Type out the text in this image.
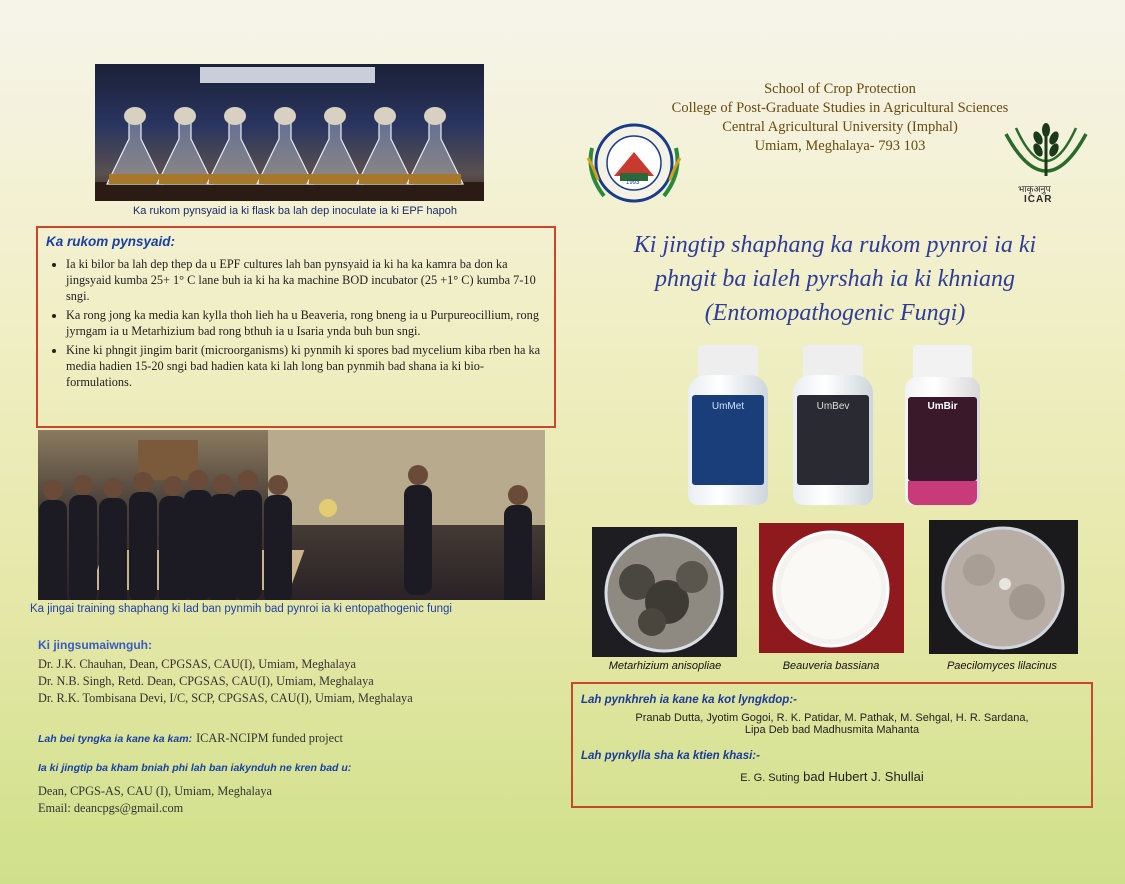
Ka rukom pynsyaid ia ki flask ba lah dep inoculate ia ki EPF hapoh
Ka rukom pynsyaid:
• Ia ki bilor ba lah dep thep da u EPF cultures lah ban pynsyaid ia ki ha ka kamra ba don ka jingsyaid kumba 25+ 1° C lane buh ia ki ha ka machine BOD incubator (25 +1° C) kumba 7-10 sngi.
• Ka rong jong ka media kan kylla thoh lieh ha u Beaveria, rong bneng ia u Purpureocillium, rong jyrngam ia u Metarhizium bad rong bthuh ia u Isaria ynda buh bun sngi.
• Kine ki phngit jingim barit (microorganisms) ki pynmih ki spores bad mycelium kiba rben ha ka media hadien 15-20 sngi bad hadien kata ki lah long ban pynmih bad shana ia ki bio-formulations.
Ka jingai training shaphang ki lad ban pynmih bad pynroi ia ki entopathogenic fungi
Ki jingsumaiwnguh:
Dr. J.K. Chauhan, Dean, CPGSAS, CAU(I), Umiam, Meghalaya
Dr. N.B. Singh, Retd. Dean, CPGSAS, CAU(I), Umiam, Meghalaya
Dr. R.K. Tombisana Devi, I/C, SCP, CPGSAS, CAU(I), Umiam, Meghalaya
Lah bei tyngka ia kane ka kam: ICAR-NCIPM funded project
Ia ki jingtip ba kham bniah phi lah ban iakynduh ne kren bad u:
Dean, CPGS-AS, CAU (I), Umiam, Meghalaya
Email: deancpgs@gmail.com
1993
School of Crop Protection
College of Post-Graduate Studies in Agricultural Sciences
Central Agricultural University (Imphal)
Umiam, Meghalaya- 793 103
भाकृअनुप
ICAR
Ki jingtip shaphang ka rukom pynroi ia ki
phngit ba ialeh pyrshah ia ki khniang
(Entomopathogenic Fungi)
UmMet	UmBev	UmBir
Metarhizium anisopliae	Beauveria bassiana	Paecilomyces lilacinus
Lah pynkhreh ia kane ka kot lyngkdop:-
Pranab Dutta, Jyotim Gogoi, R. K. Patidar, M. Pathak, M. Sehgal, H. R. Sardana,
Lipa Deb bad Madhusmita Mahanta
Lah pynkylla sha ka ktien khasi:-
E. G. Suting bad Hubert J. Shullai
